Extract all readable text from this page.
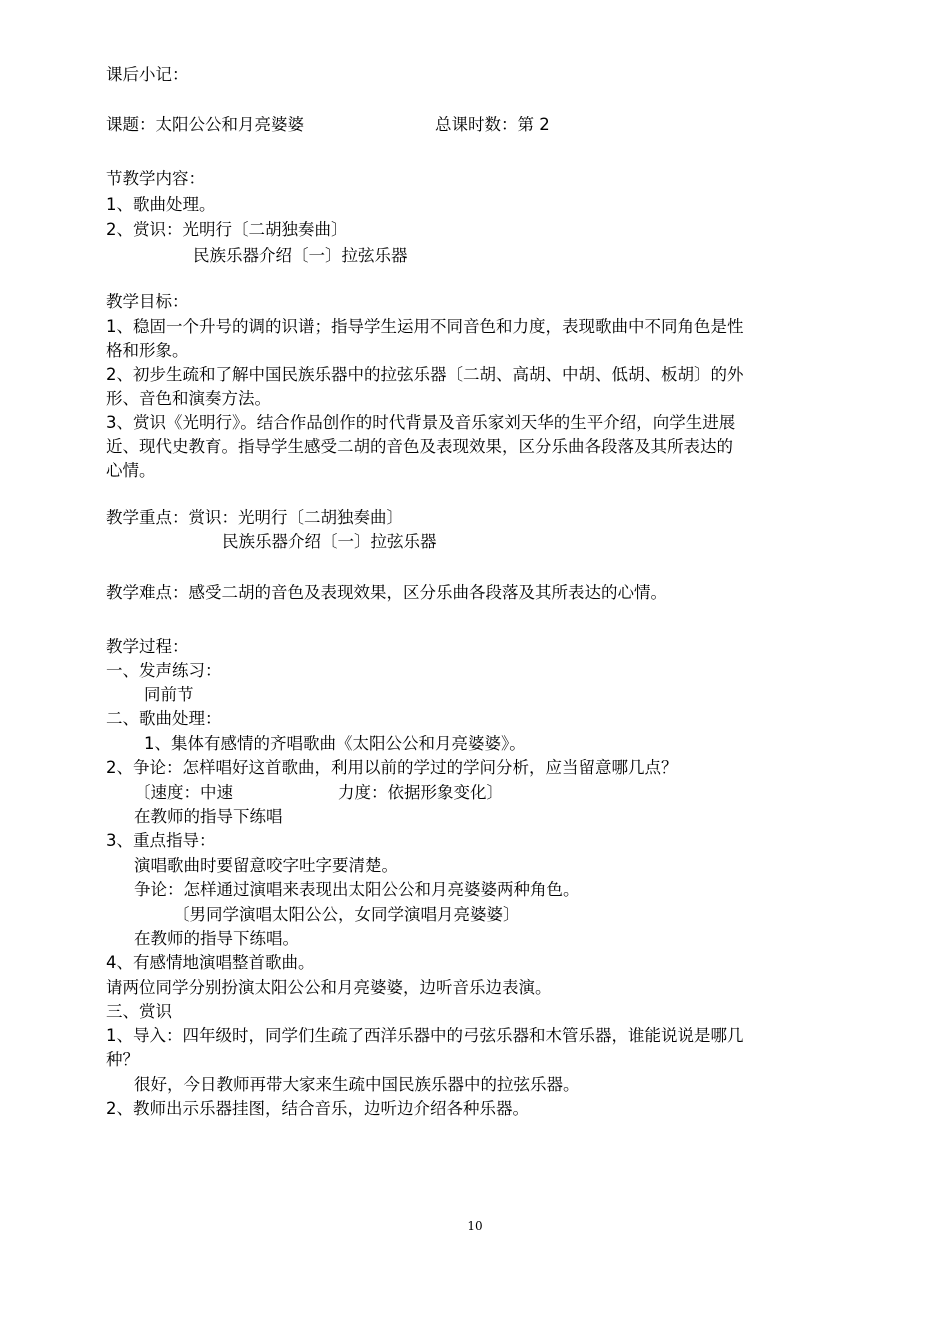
课后小记：

课题：太阳公公和月亮婆婆	总课时数：第 2

节教学内容：

1、歌曲处理。

2、赏识：光明行〔二胡独奏曲〕

民族乐器介绍〔一〕拉弦乐器

教学目标：

1、稳固一个升号的调的识谱；指导学生运用不同音色和力度，表现歌曲中不同角色是性

格和形象。

2、初步生疏和了解中国民族乐器中的拉弦乐器〔二胡、高胡、中胡、低胡、板胡〕的外

形、音色和演奏方法。

3、赏识《光明行》。结合作品创作的时代背景及音乐家刘天华的生平介绍，向学生进展

近、现代史教育。指导学生感受二胡的音色及表现效果，区分乐曲各段落及其所表达的

心情。

教学重点：赏识：光明行〔二胡独奏曲〕

民族乐器介绍〔一〕拉弦乐器

教学难点：感受二胡的音色及表现效果，区分乐曲各段落及其所表达的心情。

教学过程：

一、发声练习：

同前节

二、歌曲处理：

1、集体有感情的齐唱歌曲《太阳公公和月亮婆婆》。

2、争论：怎样唱好这首歌曲，利用以前的学过的学问分析，应当留意哪几点？

〔速度：中速	力度：依据形象变化〕

在教师的指导下练唱

3、重点指导：

演唱歌曲时要留意咬字吐字要清楚。

争论：怎样通过演唱来表现出太阳公公和月亮婆婆两种角色。

〔男同学演唱太阳公公，女同学演唱月亮婆婆〕

在教师的指导下练唱。

4、有感情地演唱整首歌曲。

请两位同学分别扮演太阳公公和月亮婆婆，边听音乐边表演。

三、赏识

1、导入：四年级时，同学们生疏了西洋乐器中的弓弦乐器和木管乐器，谁能说说是哪几

种？

很好，今日教师再带大家来生疏中国民族乐器中的拉弦乐器。

2、教师出示乐器挂图，结合音乐，边听边介绍各种乐器。

10
